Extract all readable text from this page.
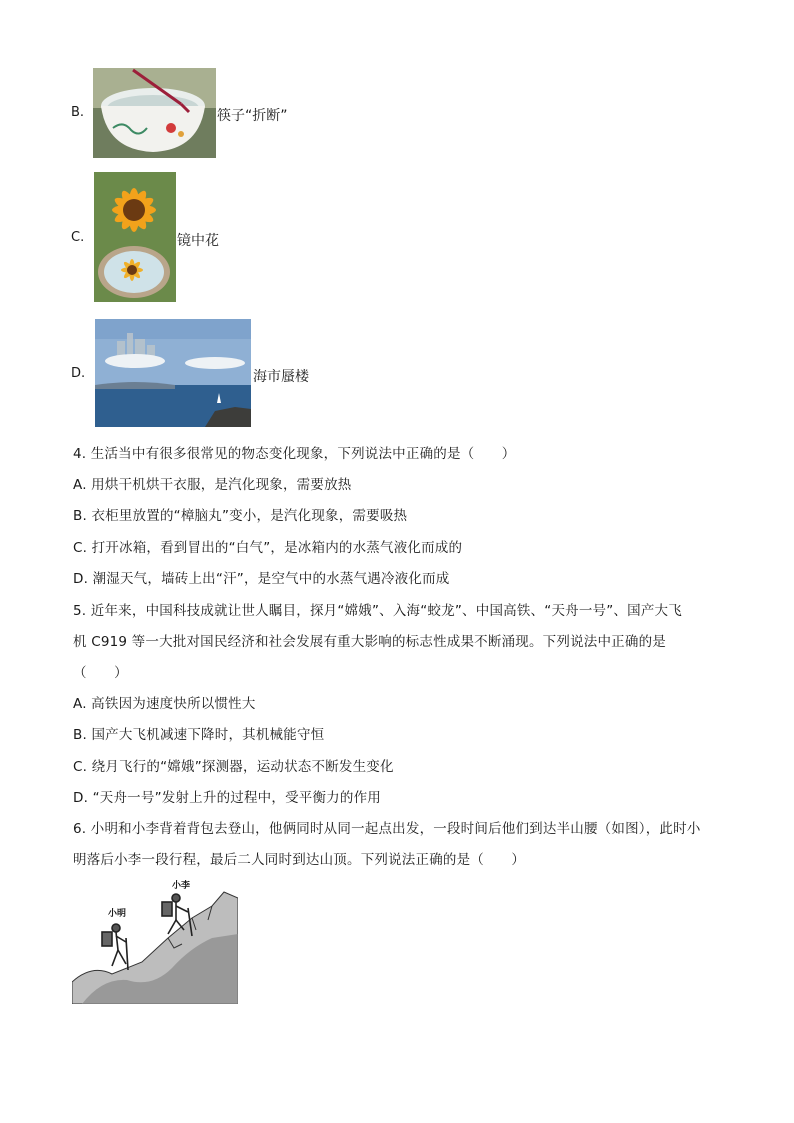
B.	筷子“折断”
C.	镜中花
D.	海市蜃楼
4. 生活当中有很多很常见的物态变化现象，下列说法中正确的是（　　）
A. 用烘干机烘干衣服，是汽化现象，需要放热
B. 衣柜里放置的“樟脑丸”变小，是汽化现象，需要吸热
C. 打开冰箱，看到冒出的“白气”，是冰箱内的水蒸气液化而成的
D. 潮湿天气，墙砖上出“汗”，是空气中的水蒸气遇冷液化而成
5. 近年来，中国科技成就让世人瞩目，探月“嫦娥”、入海“蛟龙”、中国高铁、“天舟一号”、国产大飞
机 C919 等一大批对国民经济和社会发展有重大影响的标志性成果不断涌现。下列说法中正确的是
（　　）
A. 高铁因为速度快所以惯性大
B. 国产大飞机减速下降时，其机械能守恒
C. 绕月飞行的“嫦娥”探测器，运动状态不断发生变化
D. “天舟一号”发射上升的过程中，受平衡力的作用
6. 小明和小李背着背包去登山，他俩同时从同一起点出发，一段时间后他们到达半山腰（如图），此时小
明落后小李一段行程，最后二人同时到达山顶。下列说法正确的是（　　）
小明
小李
